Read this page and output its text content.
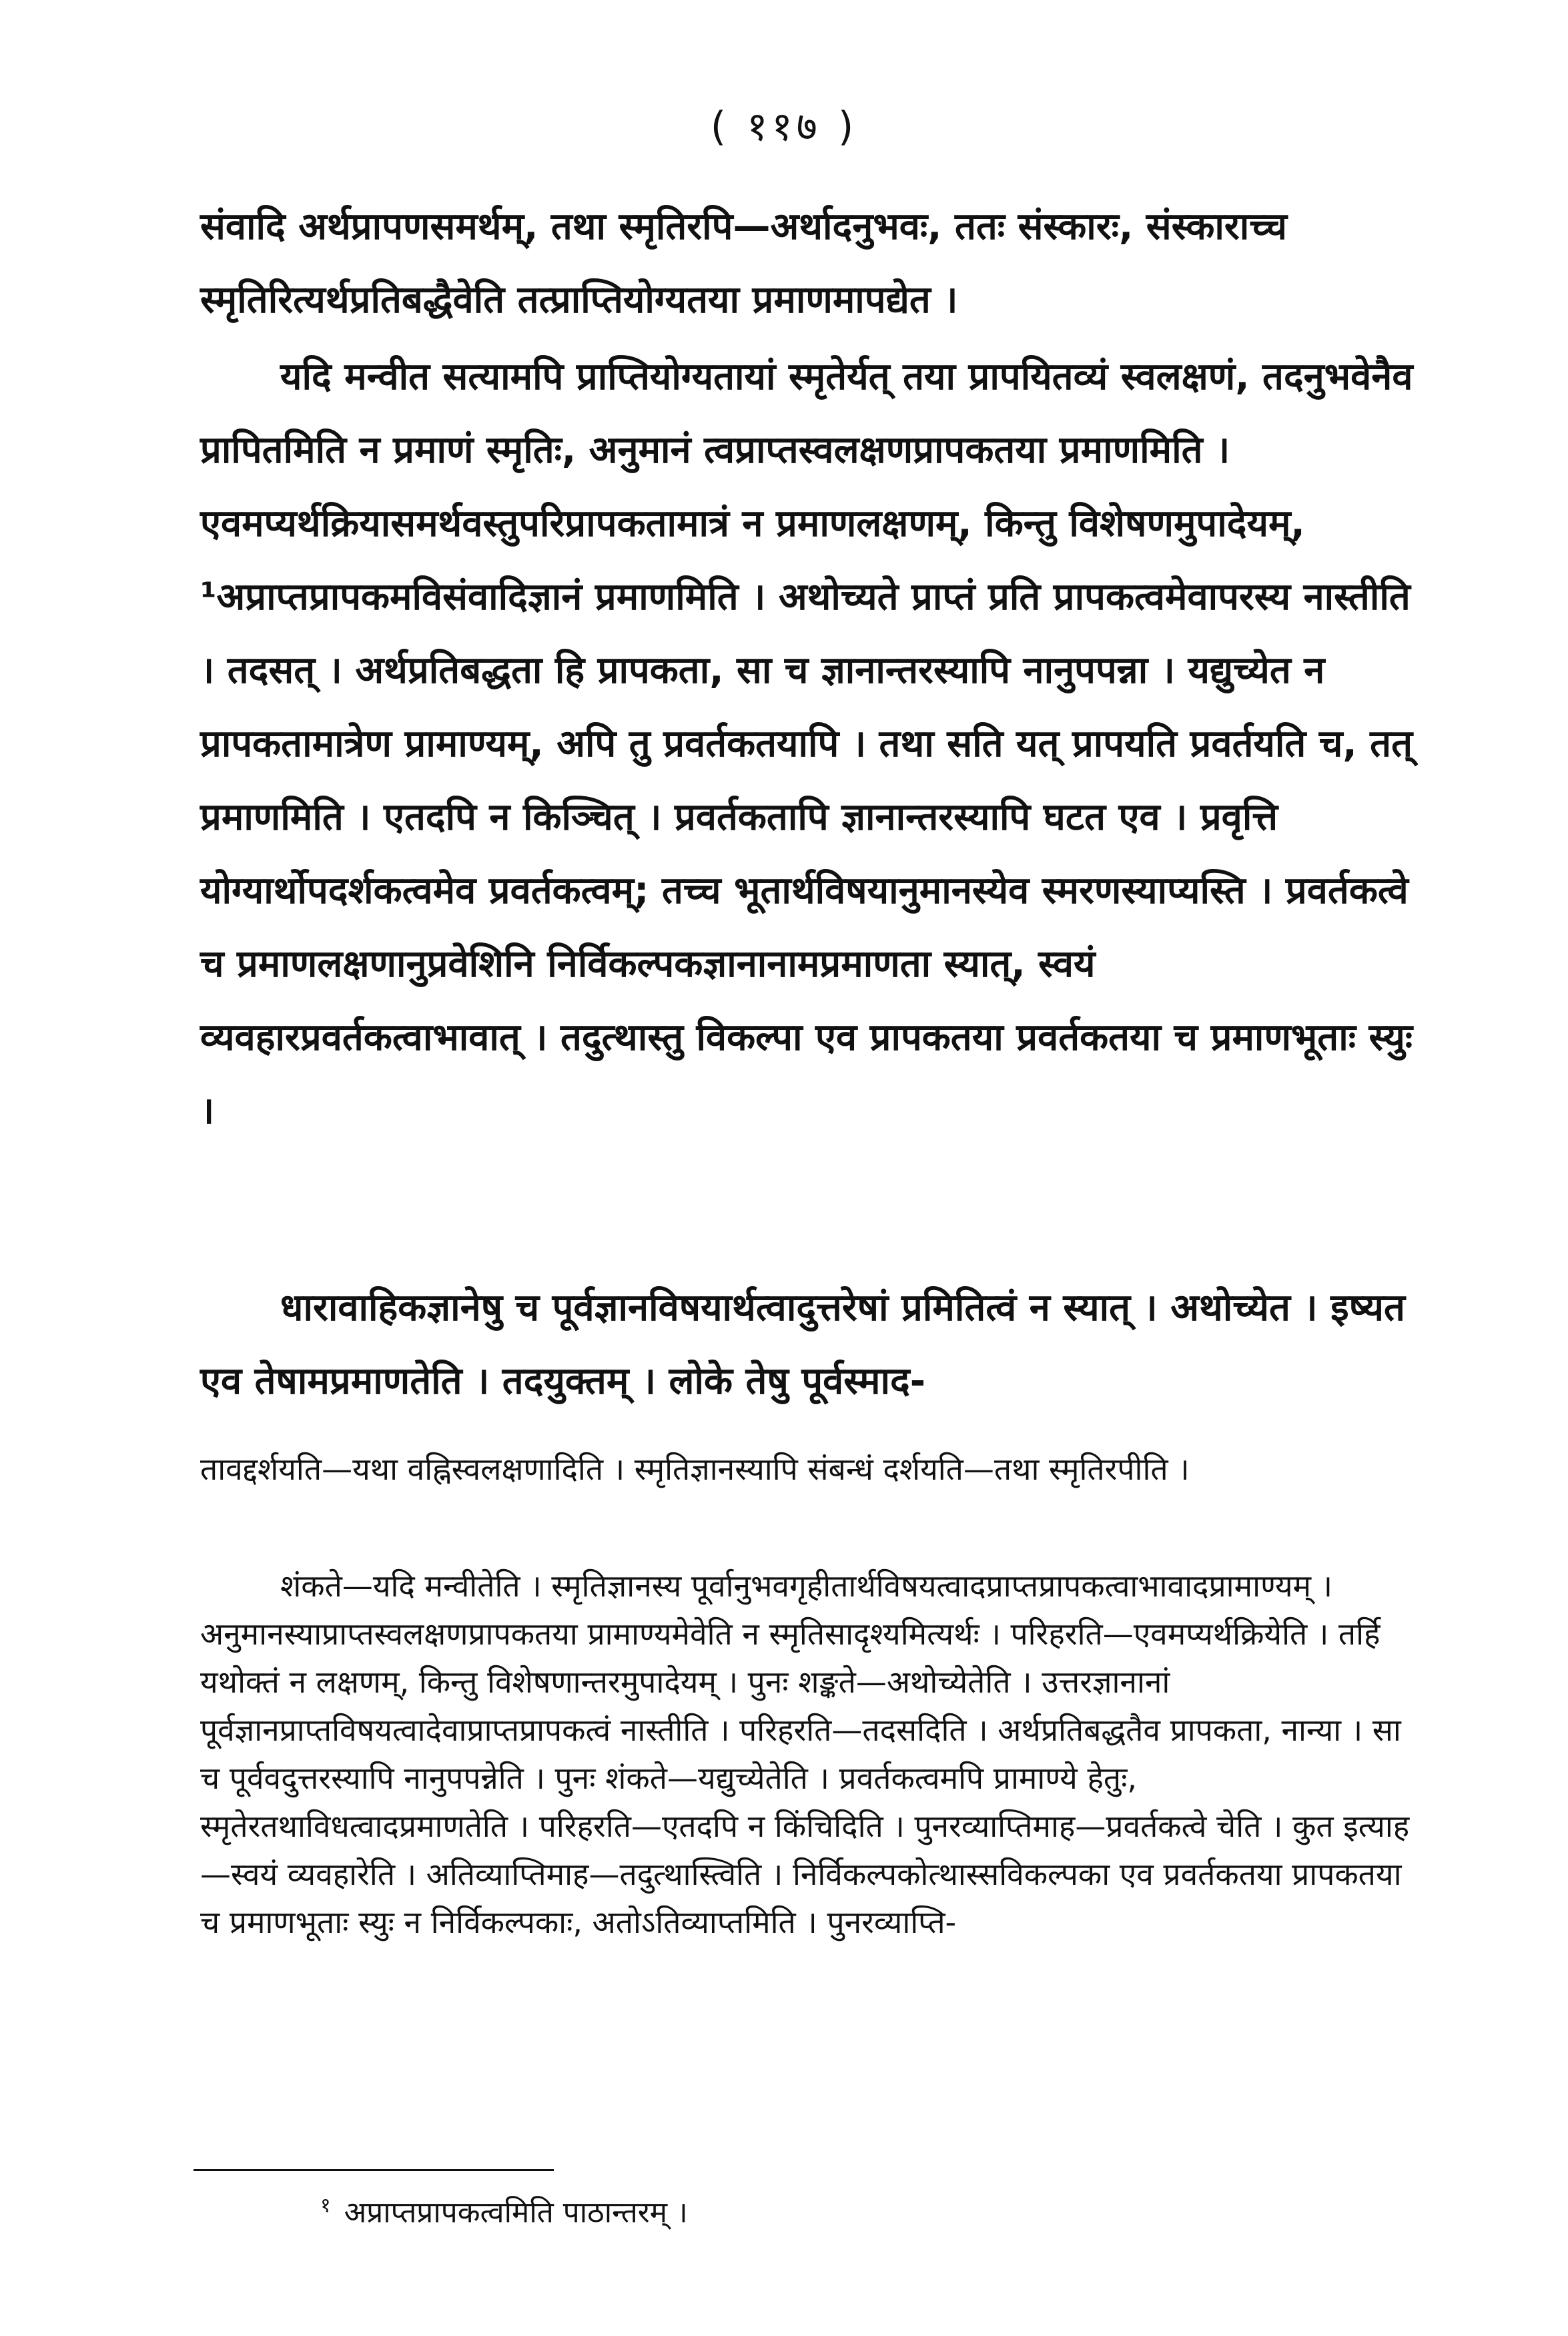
( ११७ )

संवादि अर्थप्रापणसमर्थम्, तथा स्मृतिरपि—अर्थादनुभवः, ततः संस्कारः, संस्काराच्च स्मृतिरित्यर्थप्रतिबद्धैवेति तत्प्राप्तियोग्यतया प्रमाणमापद्येत ।

यदि मन्वीत सत्यामपि प्राप्तियोग्यतायां स्मृतेर्यत् तया प्रापयितव्यं स्वलक्षणं, तदनुभवेनैव प्रापितमिति न प्रमाणं स्मृतिः, अनुमानं त्वप्राप्तस्वलक्षणप्रापकतया प्रमाणमिति । एवमप्यर्थक्रियासमर्थवस्तुपरिप्रापकतामात्रं न प्रमाणलक्षणम्, किन्तु विशेषणमुपादेयम्, ¹अप्राप्तप्रापकमविसंवादिज्ञानं प्रमाणमिति । अथोच्यते प्राप्तं प्रति प्रापकत्वमेवापरस्य नास्तीति । तदसत् । अर्थप्रतिबद्धता हि प्रापकता, सा च ज्ञानान्तरस्यापि नानुपपन्ना । यद्युच्येत न प्रापकतामात्रेण प्रामाण्यम्, अपि तु प्रवर्तकतयापि । तथा सति यत् प्रापयति प्रवर्तयति च, तत् प्रमाणमिति । एतदपि न किञ्चित् । प्रवर्तकतापि ज्ञानान्तरस्यापि घटत एव । प्रवृत्ति योग्यार्थोपदर्शकत्वमेव प्रवर्तकत्वम्; तच्च भूतार्थविषयानुमानस्येव स्मरणस्याप्यस्ति । प्रवर्तकत्वे च प्रमाणलक्षणानुप्रवेशिनि निर्विकल्पकज्ञानानामप्रमाणता स्यात्, स्वयं व्यवहारप्रवर्तकत्वाभावात् । तदुत्थास्तु विकल्पा एव प्रापकतया प्रवर्तकतया च प्रमाणभूताः स्युः ।

धारावाहिकज्ञानेषु च पूर्वज्ञानविषयार्थत्वादुत्तरेषां प्रमितित्वं न स्यात् । अथोच्येत । इष्यत एव तेषामप्रमाणतेति । तदयुक्तम् । लोके तेषु पूर्वस्माद-

तावद्दर्शयति—यथा वह्निस्वलक्षणादिति । स्मृतिज्ञानस्यापि संबन्धं दर्शयति—तथा स्मृतिरपीति ।

शंकते—यदि मन्वीतेति । स्मृतिज्ञानस्य पूर्वानुभवगृहीतार्थविषयत्वादप्राप्तप्रापकत्वाभावादप्रामाण्यम् । अनुमानस्याप्राप्तस्वलक्षणप्रापकतया प्रामाण्यमेवेति न स्मृतिसादृश्यमित्यर्थः । परिहरति—एवमप्यर्थक्रियेति । तर्हि यथोक्तं न लक्षणम्, किन्तु विशेषणान्तरमुपादेयम् । पुनः शङ्कते—अथोच्येतेति । उत्तरज्ञानानां पूर्वज्ञानप्राप्तविषयत्वादेवाप्राप्तप्रापकत्वं नास्तीति । परिहरति—तदसदिति । अर्थप्रतिबद्धतैव प्रापकता, नान्या । सा च पूर्ववदुत्तरस्यापि नानुपपन्नेति । पुनः शंकते—यद्युच्येतेति । प्रवर्तकत्वमपि प्रामाण्ये हेतुः, स्मृतेरतथाविधत्वादप्रमाणतेति । परिहरति—एतदपि न किंचिदिति । पुनरव्याप्तिमाह—प्रवर्तकत्वे चेति । कुत इत्याह—स्वयं व्यवहारेति । अतिव्याप्तिमाह—तदुत्थास्त्विति । निर्विकल्पकोत्थास्सविकल्पका एव प्रवर्तकतया प्रापकतया च प्रमाणभूताः स्युः न निर्विकल्पकाः, अतोऽतिव्याप्तमिति । पुनरव्याप्ति-

$^१$ अप्राप्तप्रापकत्वमिति पाठान्तरम् ।
